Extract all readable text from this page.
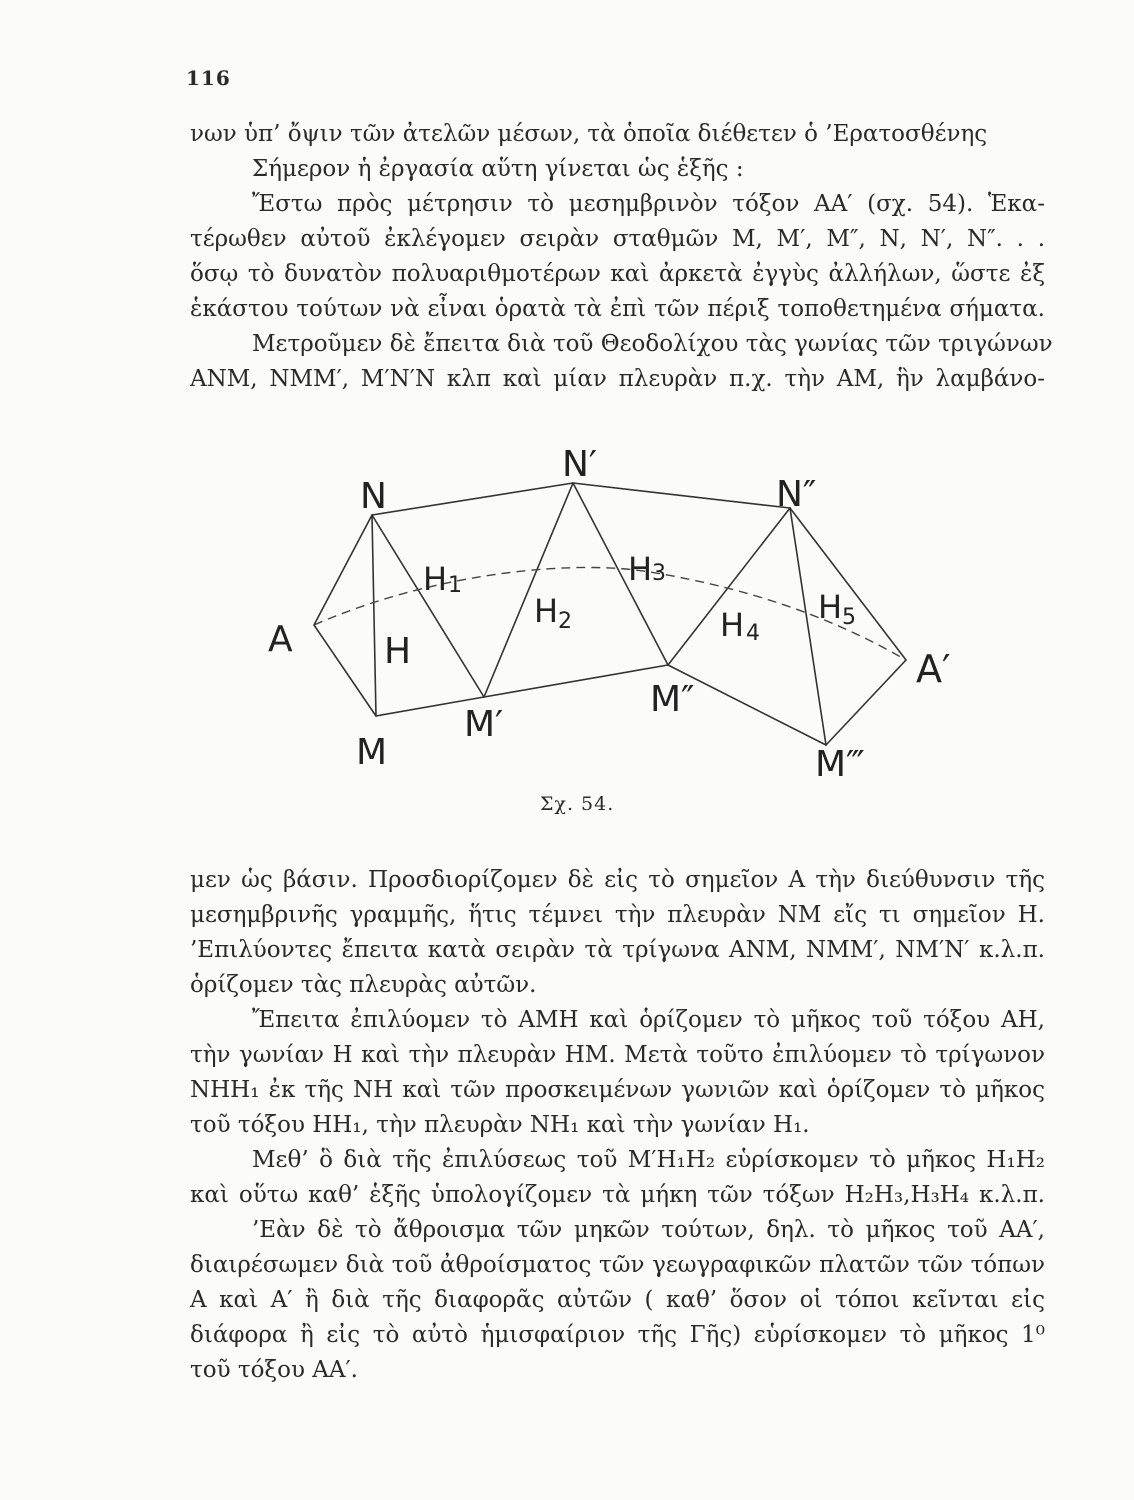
116
νων ὑπ’ ὄψιν τῶν ἀτελῶν μέσων, τὰ ὁποῖα διέθετεν ὁ ’Ερατοσθένης
Σήμερον ἡ ἐργασία αὕτη γίνεται ὡς ἑξῆς :
Ἔστω πρὸς μέτρησιν τὸ μεσημβρινὸν τόξον ΑΑ′ (σχ. 54). Ἑκα-
τέρωθεν αὐτοῦ ἐκλέγομεν σειρὰν σταθμῶν Μ, Μ′, Μ″, Ν, Ν′, Ν″. . .
ὅσῳ τὸ δυνατὸν πολυαριθμοτέρων καὶ ἀρκετὰ ἐγγὺς ἀλλήλων, ὥστε ἐξ
ἑκάστου τούτων νὰ εἶναι ὁρατὰ τὰ ἐπὶ τῶν πέριξ τοποθετημένα σήματα.
Μετροῦμεν δὲ ἔπειτα διὰ τοῦ Θεοδολίχου τὰς γωνίας τῶν τριγώνων
ΑΝΜ, ΝΜΜ′, Μ′Ν′Ν κλπ καὶ μίαν πλευρὰν π.χ. τὴν ΑΜ, ἣν λαμβάνο-
N
N′
N″
A
A′
M
M′
M″
M‴
H
H 1
H 2
H 3
H 4
H 5
Σχ. 54.
μεν ὡς βάσιν. Προσδιορίζομεν δὲ εἰς τὸ σημεῖον Α τὴν διεύθυνσιν τῆς
μεσημβρινῆς γραμμῆς, ἥτις τέμνει τὴν πλευρὰν ΝΜ εἴς τι σημεῖον Η.
’Επιλύοντες ἔπειτα κατὰ σειρὰν τὰ τρίγωνα ΑΝΜ, ΝΜΜ′, ΝΜ′Ν′ κ.λ.π.
ὁρίζομεν τὰς πλευρὰς αὐτῶν.
Ἔπειτα ἐπιλύομεν τὸ ΑΜΗ καὶ ὁρίζομεν τὸ μῆκος τοῦ τόξου ΑΗ,
τὴν γωνίαν Η καὶ τὴν πλευρὰν ΗΜ. Μετὰ τοῦτο ἐπιλύομεν τὸ τρίγωνον
ΝΗΗ₁ ἐκ τῆς ΝΗ καὶ τῶν προσκειμένων γωνιῶν καὶ ὁρίζομεν τὸ μῆκος
τοῦ τόξου ΗΗ₁, τὴν πλευρὰν ΝΗ₁ καὶ τὴν γωνίαν Η₁.
Μεθ’ ὃ διὰ τῆς ἐπιλύσεως τοῦ Μ′Η₁Η₂ εὑρίσκομεν τὸ μῆκος Η₁Η₂
καὶ οὕτω καθ’ ἑξῆς ὑπολογίζομεν τὰ μήκη τῶν τόξων Η₂Η₃,Η₃Η₄ κ.λ.π.
’Εὰν δὲ τὸ ἄθροισμα τῶν μηκῶν τούτων, δηλ. τὸ μῆκος τοῦ ΑΑ′,
διαιρέσωμεν διὰ τοῦ ἀθροίσματος τῶν γεωγραφικῶν πλατῶν τῶν τόπων
Α καὶ Α′ ἢ διὰ τῆς διαφορᾶς αὐτῶν ( καθ’ ὅσον οἱ τόποι κεῖνται εἰς
διάφορα ἢ εἰς τὸ αὐτὸ ἡμισφαίριον τῆς Γῆς) εὑρίσκομεν τὸ μῆκος 1⁰
τοῦ τόξου ΑΑ′.
